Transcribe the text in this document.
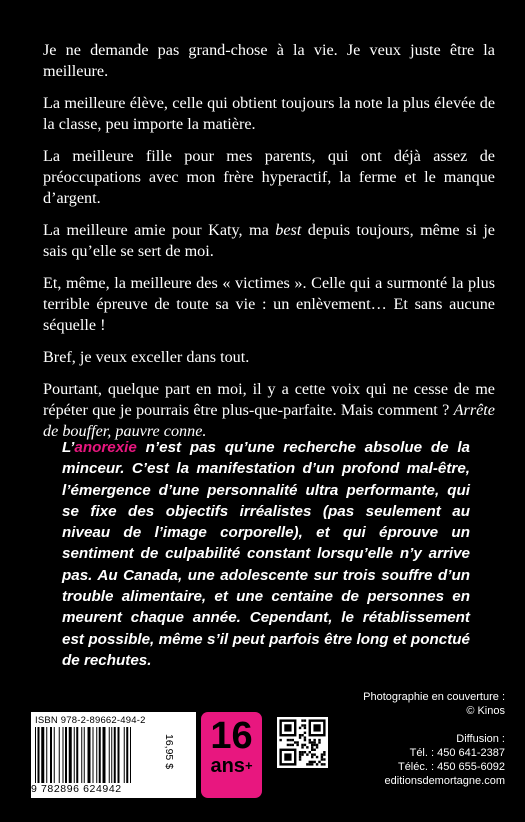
Je ne demande pas grand-chose à la vie. Je veux juste être la meilleure.

La meilleure élève, celle qui obtient toujours la note la plus élevée de la classe, peu importe la matière.

La meilleure fille pour mes parents, qui ont déjà assez de préoccupations avec mon frère hyperactif, la ferme et le manque d’argent.

La meilleure amie pour Katy, ma best depuis toujours, même si je sais qu’elle se sert de moi.

Et, même, la meilleure des « victimes ». Celle qui a surmonté la plus terrible épreuve de toute sa vie : un enlèvement… Et sans aucune séquelle !

Bref, je veux exceller dans tout.

Pourtant, quelque part en moi, il y a cette voix qui ne cesse de me répéter que je pourrais être plus-que-parfaite. Mais comment ? Arrête de bouffer, pauvre conne.

L’anorexie n’est pas qu’une recherche absolue de la minceur. C’est la manifestation d’un profond mal-être, l’émergence d’une personnalité ultra performante, qui se fixe des objectifs irréalistes (pas seulement au niveau de l’image corporelle), et qui éprouve un sentiment de culpabilité constant lorsqu’elle n’y arrive pas. Au Canada, une adolescente sur trois souffre d’un trouble alimentaire, et une centaine de personnes en meurent chaque année. Cependant, le rétablissement est possible, même s’il peut parfois être long et ponctué de rechutes.
Photographie en couverture :
© Kinos
Diffusion :
Tél. : 450 641-2387
Téléc. : 450 655-6092
editionsdemortagne.com
ISBN 978-2-89662-494-2
9 782896 624942
16,95 $ 16
ans+
